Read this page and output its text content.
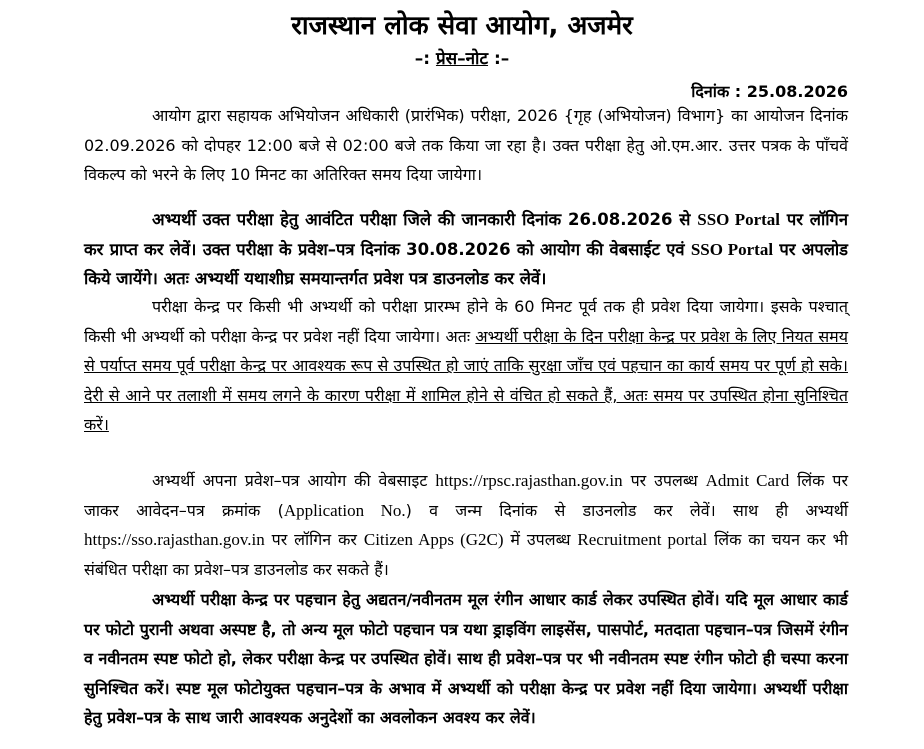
राजस्थान लोक सेवा आयोग, अजमेर
–: प्रेस–नोट :–
दिनांक : 25.08.2026
आयोग द्वारा सहायक अभियोजन अधिकारी (प्रारंभिक) परीक्षा, 2026 {गृह (अभियोजन) विभाग} का आयोजन दिनांक 02.09.2026 को दोपहर 12:00 बजे से 02:00 बजे तक किया जा रहा है। उक्त परीक्षा हेतु ओ.एम.आर. उत्तर पत्रक के पाँचवें विकल्प को भरने के लिए 10 मिनट का अतिरिक्त समय दिया जायेगा।
अभ्यर्थी उक्त परीक्षा हेतु आवंटित परीक्षा जिले की जानकारी दिनांक 26.08.2026 से SSO Portal पर लॉगिन कर प्राप्त कर लेवें। उक्त परीक्षा के प्रवेश–पत्र दिनांक 30.08.2026 को आयोग की वेबसाईट एवं SSO Portal पर अपलोड किये जायेंगे। अतः अभ्यर्थी यथाशीघ्र समयान्तर्गत प्रवेश पत्र डाउनलोड कर लेवें।
परीक्षा केन्द्र पर किसी भी अभ्यर्थी को परीक्षा प्रारम्भ होने के 60 मिनट पूर्व तक ही प्रवेश दिया जायेगा। इसके पश्चात् किसी भी अभ्यर्थी को परीक्षा केन्द्र पर प्रवेश नहीं दिया जायेगा। अतः अभ्यर्थी परीक्षा के दिन परीक्षा केन्द्र पर प्रवेश के लिए नियत समय से पर्याप्त समय पूर्व परीक्षा केन्द्र पर आवश्यक रूप से उपस्थित हो जाएं ताकि सुरक्षा जाँच एवं पहचान का कार्य समय पर पूर्ण हो सके। देरी से आने पर तलाशी में समय लगने के कारण परीक्षा में शामिल होने से वंचित हो सकते हैं, अतः समय पर उपस्थित होना सुनिश्चित करें।
अभ्यर्थी अपना प्रवेश–पत्र आयोग की वेबसाइट https://rpsc.rajasthan.gov.in पर उपलब्ध Admit Card लिंक पर जाकर आवेदन–पत्र क्रमांक (Application No.) व जन्म दिनांक से डाउनलोड कर लेवें। साथ ही अभ्यर्थी https://sso.rajasthan.gov.in पर लॉगिन कर Citizen Apps (G2C) में उपलब्ध Recruitment portal लिंक का चयन कर भी संबंधित परीक्षा का प्रवेश–पत्र डाउनलोड कर सकते हैं।
अभ्यर्थी परीक्षा केन्द्र पर पहचान हेतु अद्यतन/नवीनतम मूल रंगीन आधार कार्ड लेकर उपस्थित होवें। यदि मूल आधार कार्ड पर फोटो पुरानी अथवा अस्पष्ट है, तो अन्य मूल फोटो पहचान पत्र यथा ड्राइविंग लाइसेंस, पासपोर्ट, मतदाता पहचान–पत्र जिसमें रंगीन व नवीनतम स्पष्ट फोटो हो, लेकर परीक्षा केन्द्र पर उपस्थित होवें। साथ ही प्रवेश–पत्र पर भी नवीनतम स्पष्ट रंगीन फोटो ही चस्पा करना सुनिश्चित करें। स्पष्ट मूल फोटोयुक्त पहचान–पत्र के अभाव में अभ्यर्थी को परीक्षा केन्द्र पर प्रवेश नहीं दिया जायेगा। अभ्यर्थी परीक्षा हेतु प्रवेश–पत्र के साथ जारी आवश्यक अनुदेशों का अवलोकन अवश्य कर लेवें।
